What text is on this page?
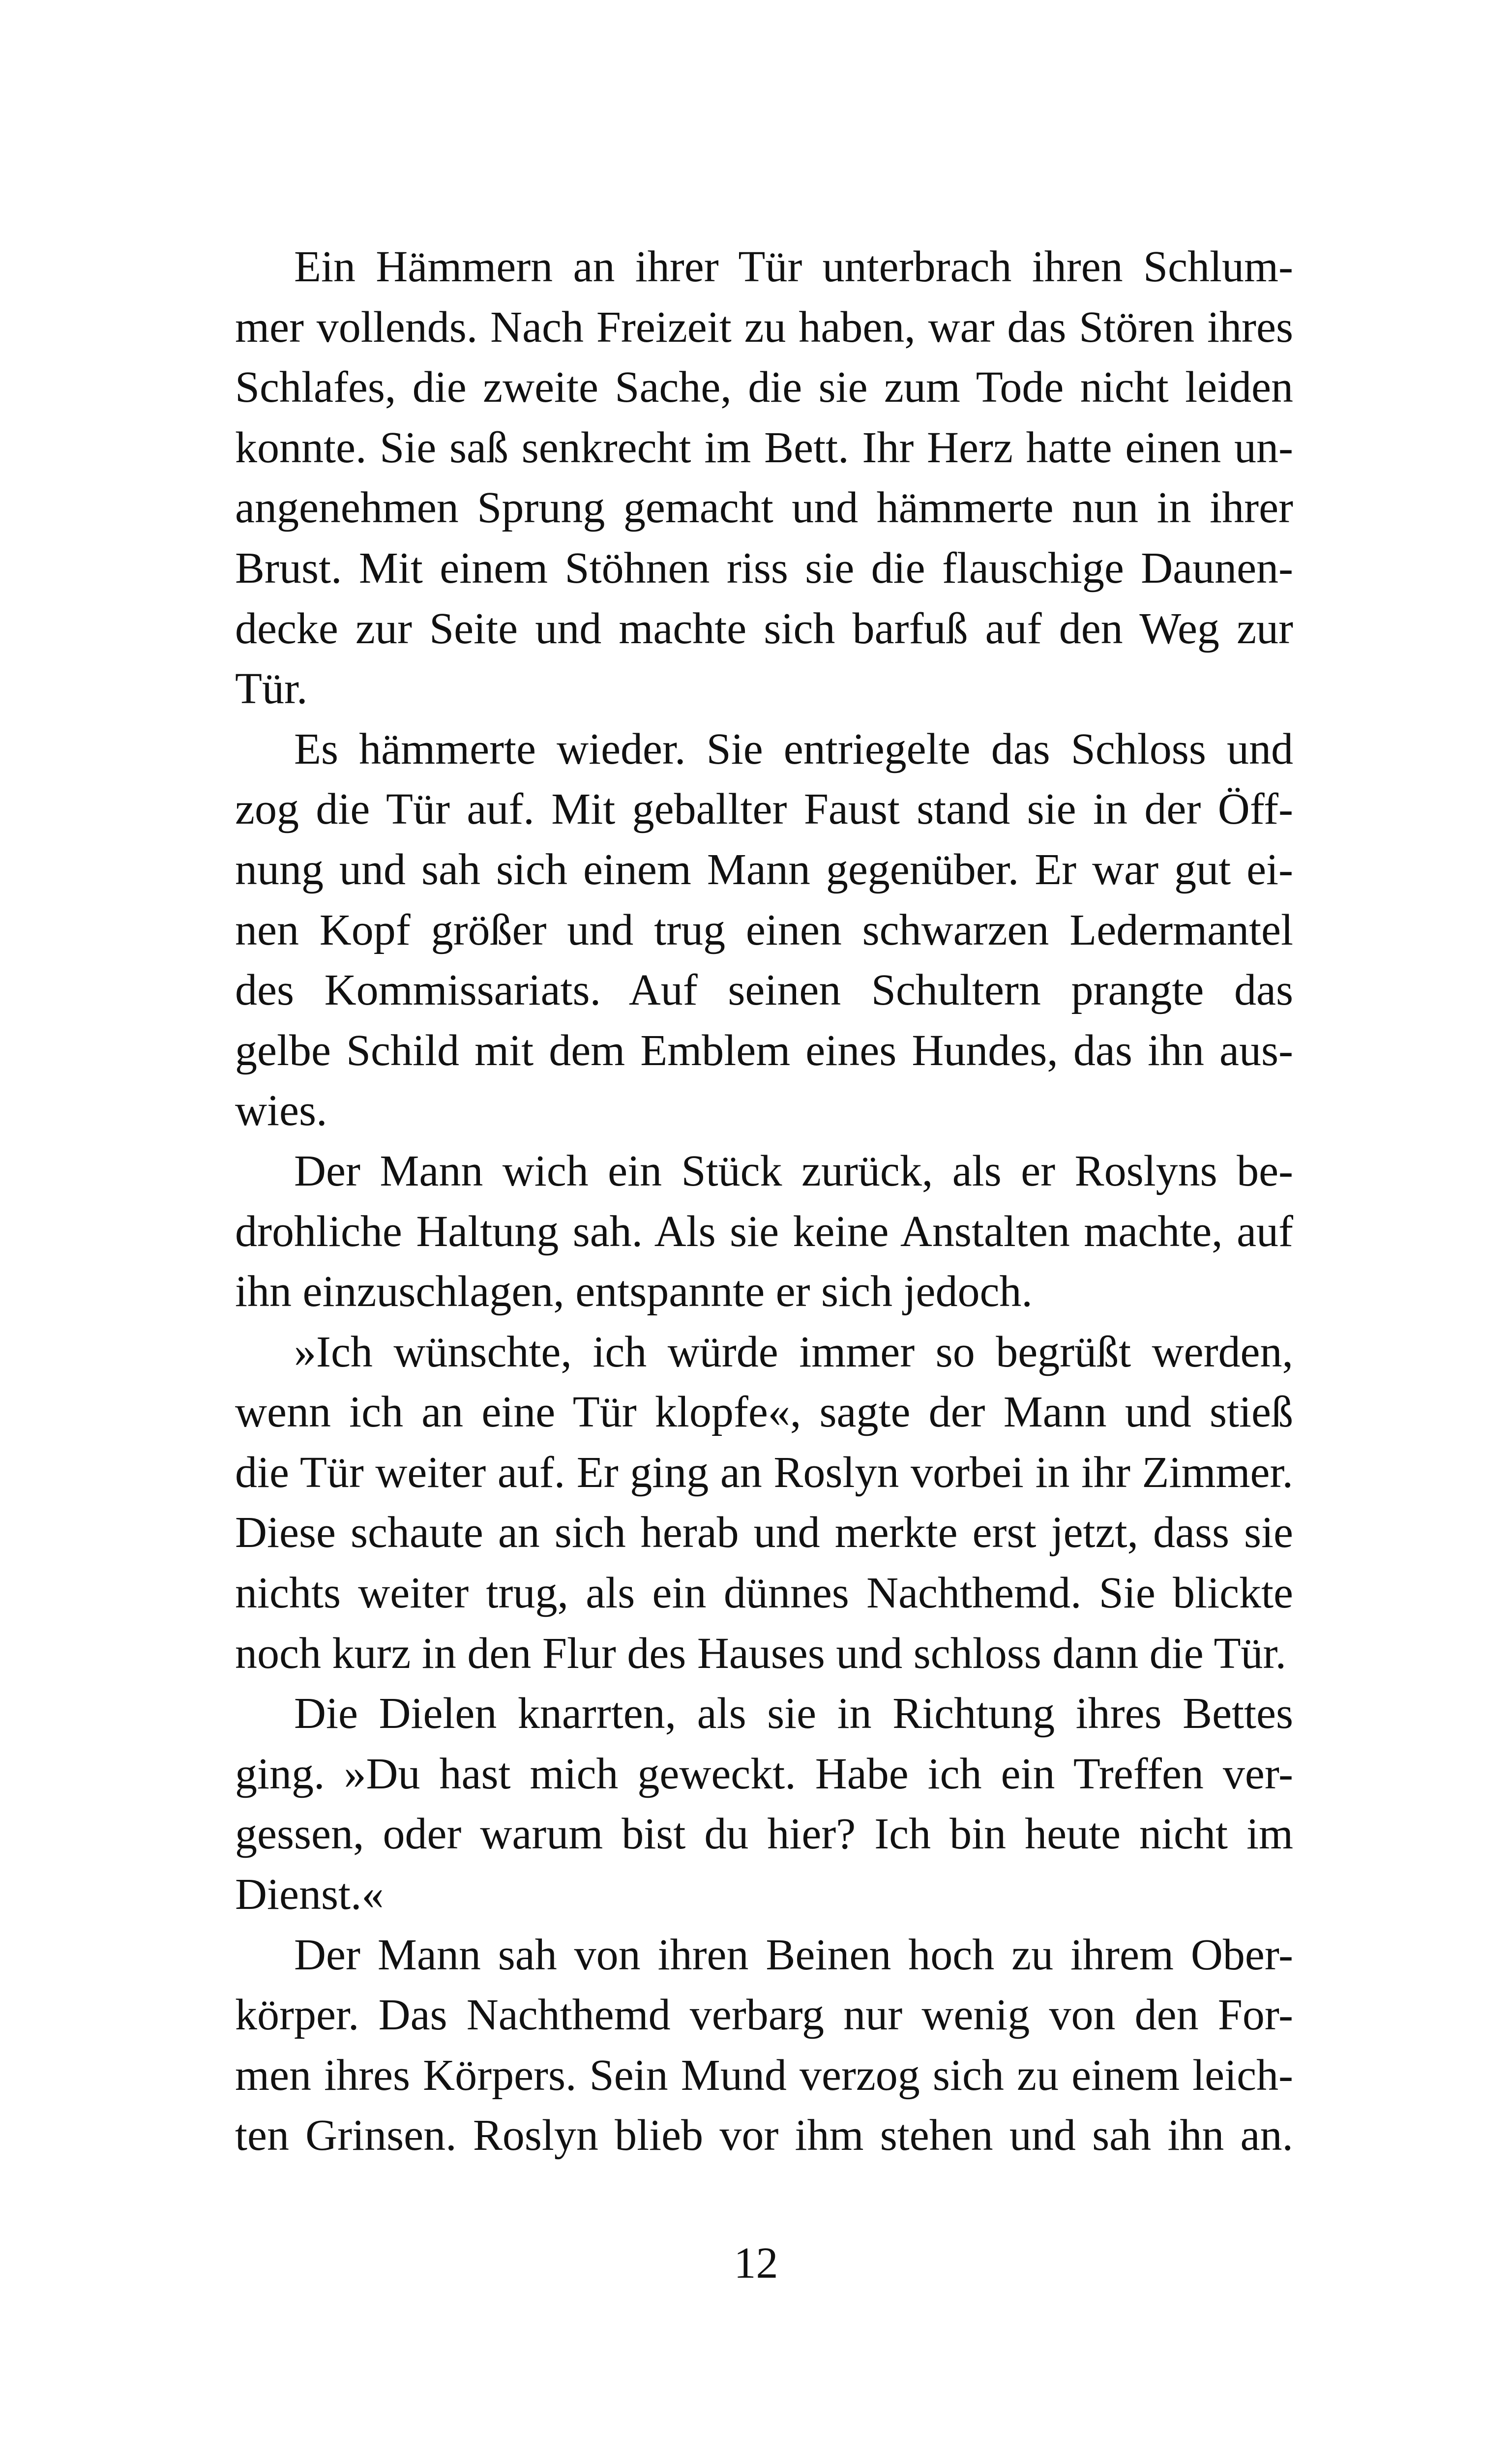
Ein Hämmern an ihrer Tür unterbrach ihren Schlum-
mer vollends. Nach Freizeit zu haben, war das Stören ihres
Schlafes, die zweite Sache, die sie zum Tode nicht leiden
konnte. Sie saß senkrecht im Bett. Ihr Herz hatte einen un-
angenehmen Sprung gemacht und hämmerte nun in ihrer
Brust. Mit einem Stöhnen riss sie die flauschige Daunen-
decke zur Seite und machte sich barfuß auf den Weg zur
Tür.
Es hämmerte wieder. Sie entriegelte das Schloss und
zog die Tür auf. Mit geballter Faust stand sie in der Öff-
nung und sah sich einem Mann gegenüber. Er war gut ei-
nen Kopf größer und trug einen schwarzen Ledermantel
des Kommissariats. Auf seinen Schultern prangte das
gelbe Schild mit dem Emblem eines Hundes, das ihn aus-
wies.
Der Mann wich ein Stück zurück, als er Roslyns be-
drohliche Haltung sah. Als sie keine Anstalten machte, auf
ihn einzuschlagen, entspannte er sich jedoch.
»Ich wünschte, ich würde immer so begrüßt werden,
wenn ich an eine Tür klopfe«, sagte der Mann und stieß
die Tür weiter auf. Er ging an Roslyn vorbei in ihr Zimmer.
Diese schaute an sich herab und merkte erst jetzt, dass sie
nichts weiter trug, als ein dünnes Nachthemd. Sie blickte
noch kurz in den Flur des Hauses und schloss dann die Tür.
Die Dielen knarrten, als sie in Richtung ihres Bettes
ging. »Du hast mich geweckt. Habe ich ein Treffen ver-
gessen, oder warum bist du hier? Ich bin heute nicht im
Dienst.«
Der Mann sah von ihren Beinen hoch zu ihrem Ober-
körper. Das Nachthemd verbarg nur wenig von den For-
men ihres Körpers. Sein Mund verzog sich zu einem leich-
ten Grinsen. Roslyn blieb vor ihm stehen und sah ihn an.
12
